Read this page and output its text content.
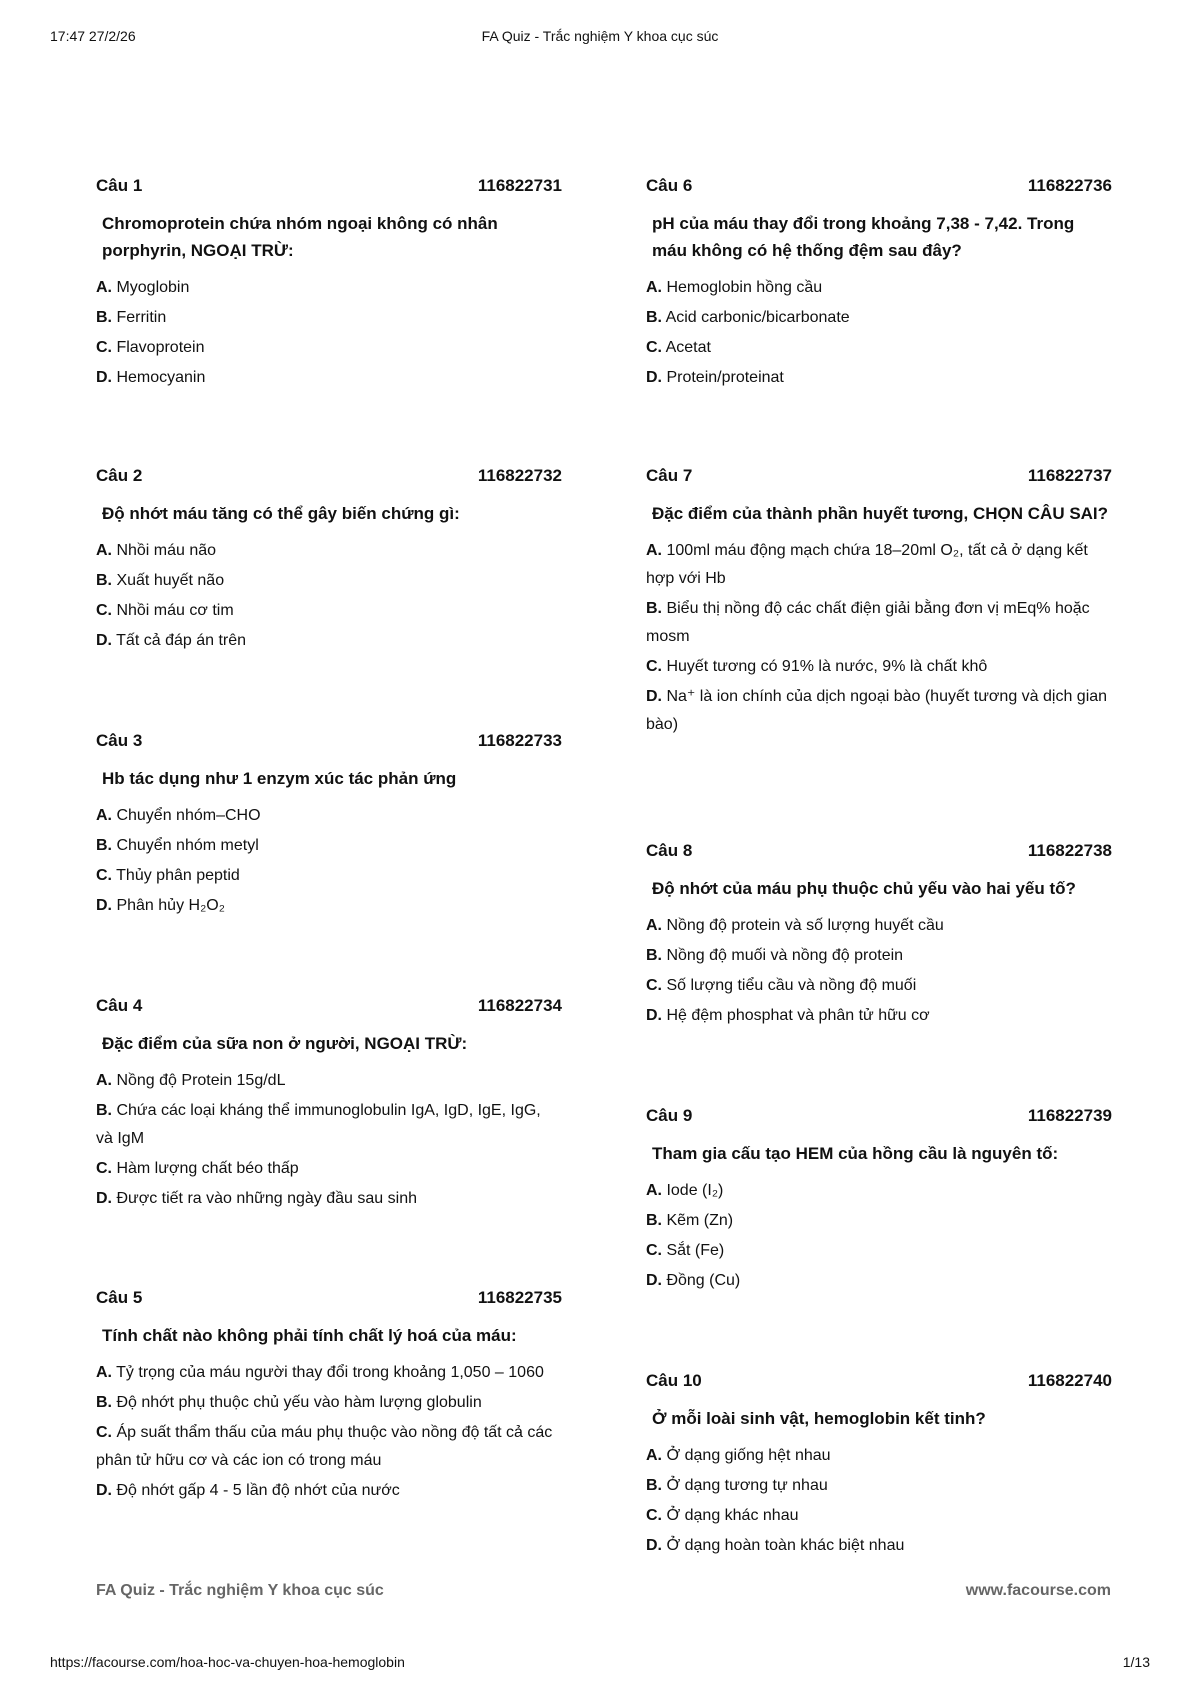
17:47 27/2/26	FA Quiz - Trắc nghiệm Y khoa cục súc
Câu 1	116822731
Chromoprotein chứa nhóm ngoại không có nhân porphyrin, NGOẠI TRỪ:
A. Myoglobin
B. Ferritin
C. Flavoprotein
D. Hemocyanin
Câu 2	116822732
Độ nhớt máu tăng có thể gây biến chứng gì:
A. Nhồi máu não
B. Xuất huyết não
C. Nhồi máu cơ tim
D. Tất cả đáp án trên
Câu 3	116822733
Hb tác dụng như 1 enzym xúc tác phản ứng
A. Chuyển nhóm–CHO
B. Chuyển nhóm metyl
C. Thủy phân peptid
D. Phân hủy H₂O₂
Câu 4	116822734
Đặc điểm của sữa non ở người, NGOẠI TRỪ:
A. Nồng độ Protein 15g/dL
B. Chứa các loại kháng thể immunoglobulin IgA, IgD, IgE, IgG, và IgM
C. Hàm lượng chất béo thấp
D. Được tiết ra vào những ngày đầu sau sinh
Câu 5	116822735
Tính chất nào không phải tính chất lý hoá của máu:
A. Tỷ trọng của máu người thay đổi trong khoảng 1,050 – 1060
B. Độ nhớt phụ thuộc chủ yếu vào hàm lượng globulin
C. Áp suất thẩm thấu của máu phụ thuộc vào nồng độ tất cả các phân tử hữu cơ và các ion có trong máu
D. Độ nhớt gấp 4 - 5 lần độ nhớt của nước
Câu 6	116822736
pH của máu thay đổi trong khoảng 7,38 - 7,42. Trong máu không có hệ thống đệm sau đây?
A. Hemoglobin hồng cầu
B. Acid carbonic/bicarbonate
C. Acetat
D. Protein/proteinat
Câu 7	116822737
Đặc điểm của thành phần huyết tương, CHỌN CÂU SAI?
A. 100ml máu động mạch chứa 18–20ml O₂, tất cả ở dạng kết hợp với Hb
B. Biểu thị nồng độ các chất điện giải bằng đơn vị mEq% hoặc mosm
C. Huyết tương có 91% là nước, 9% là chất khô
D. Na⁺ là ion chính của dịch ngoại bào (huyết tương và dịch gian bào)
Câu 8	116822738
Độ nhớt của máu phụ thuộc chủ yếu vào hai yếu tố?
A. Nồng độ protein và số lượng huyết cầu
B. Nồng độ muối và nồng độ protein
C. Số lượng tiểu cầu và nồng độ muối
D. Hệ đệm phosphat và phân tử hữu cơ
Câu 9	116822739
Tham gia cấu tạo HEM của hồng cầu là nguyên tố:
A. Iode (I₂)
B. Kẽm (Zn)
C. Sắt (Fe)
D. Đồng (Cu)
Câu 10	116822740
Ở mỗi loài sinh vật, hemoglobin kết tinh?
A. Ở dạng giống hệt nhau
B. Ở dạng tương tự nhau
C. Ở dạng khác nhau
D. Ở dạng hoàn toàn khác biệt nhau
FA Quiz - Trắc nghiệm Y khoa cục súc	www.facourse.com
https://facourse.com/hoa-hoc-va-chuyen-hoa-hemoglobin	1/13
